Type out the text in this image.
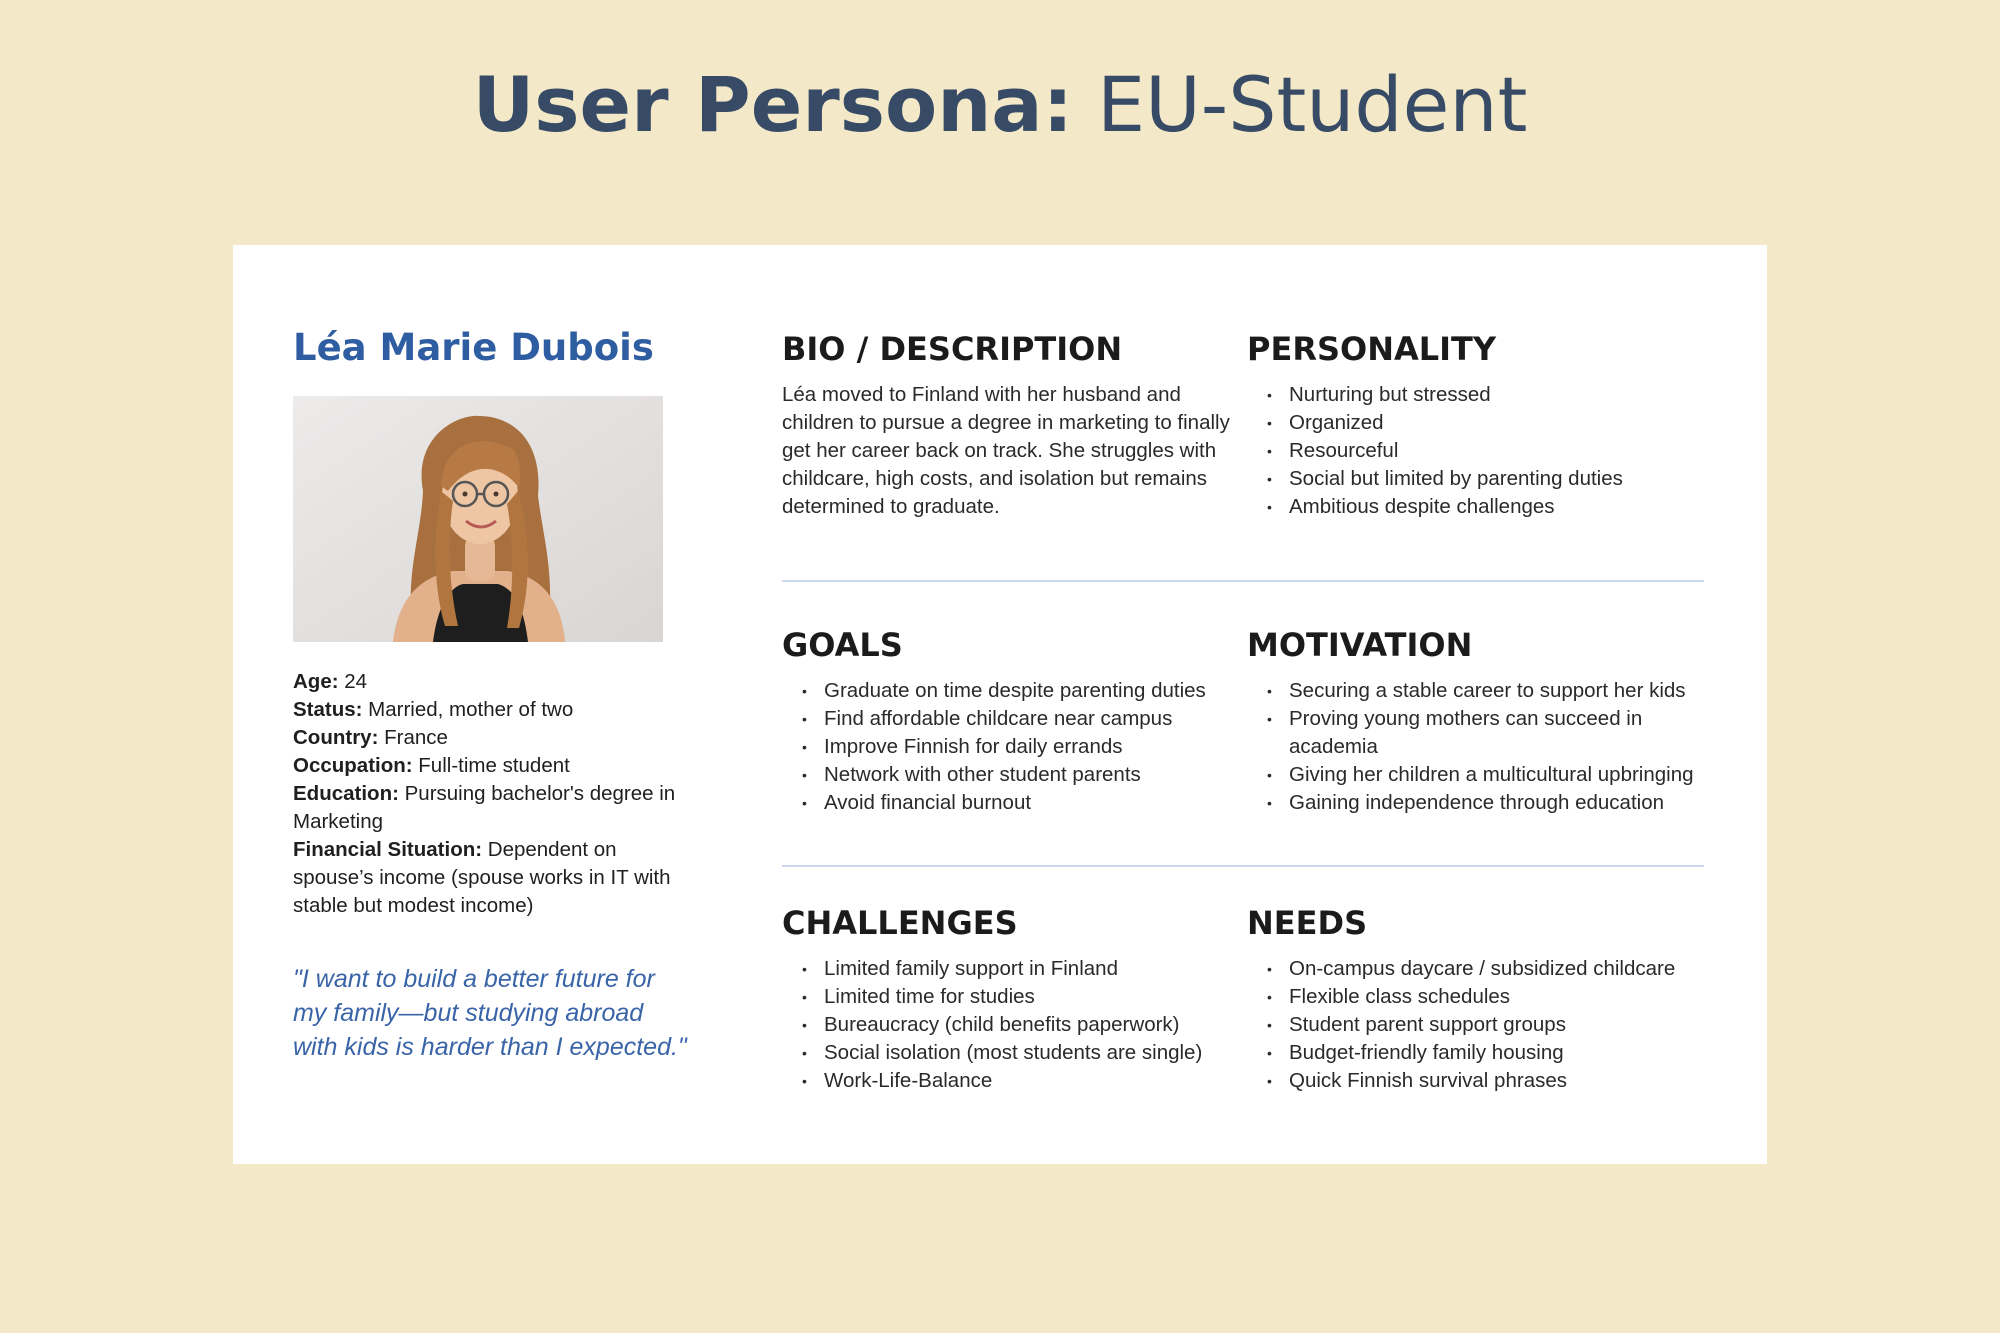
User Persona: EU-Student
Léa Marie Dubois

Age: 24

Status: Married, mother of two

Country: France

Occupation: Full-time student

Education: Pursuing bachelor's degree in Marketing

Financial Situation: Dependent on spouse’s income (spouse works in IT with stable but modest income)

"I want to build a better future for my family—but studying abroad with kids is harder than I expected."
BIO / DESCRIPTION

Léa moved to Finland with her husband and children to pursue a degree in marketing to finally get her career back on track. She struggles with childcare, high costs, and isolation but remains determined to graduate.

PERSONALITY
• Nurturing but stressed
• Organized
• Resourceful
• Social but limited by parenting duties
• Ambitious despite challenges
GOALS
• Graduate on time despite parenting duties
• Find affordable childcare near campus
• Improve Finnish for daily errands
• Network with other student parents
• Avoid financial burnout
MOTIVATION
• Securing a stable career to support her kids
• Proving young mothers can succeed in academia
• Giving her children a multicultural upbringing
• Gaining independence through education
CHALLENGES
• Limited family support in Finland
• Limited time for studies
• Bureaucracy (child benefits paperwork)
• Social isolation (most students are single)
• Work-Life-Balance
NEEDS
• On-campus daycare / subsidized childcare
• Flexible class schedules
• Student parent support groups
• Budget-friendly family housing
• Quick Finnish survival phrases
